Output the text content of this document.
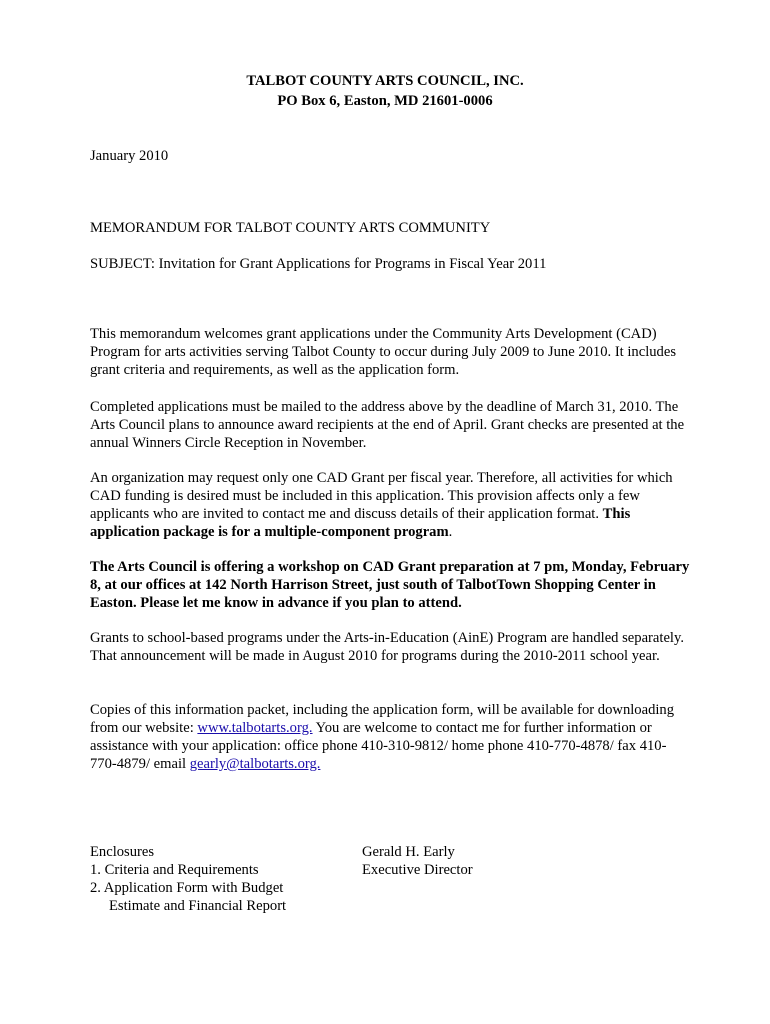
TALBOT COUNTY ARTS COUNCIL, INC.
PO Box 6, Easton, MD 21601-0006
January 2010
MEMORANDUM FOR TALBOT COUNTY ARTS COMMUNITY
SUBJECT: Invitation for Grant Applications for Programs in Fiscal Year 2011

This memorandum welcomes grant applications under the Community Arts Development (CAD) Program for arts activities serving Talbot County to occur during July 2009 to June 2010. It includes grant criteria and requirements, as well as the application form.

Completed applications must be mailed to the address above by the deadline of March 31, 2010. The Arts Council plans to announce award recipients at the end of April. Grant checks are presented at the annual Winners Circle Reception in November.

An organization may request only one CAD Grant per fiscal year. Therefore, all activities for which CAD funding is desired must be included in this application. This provision affects only a few applicants who are invited to contact me and discuss details of their application format. This application package is for a multiple-component program.

The Arts Council is offering a workshop on CAD Grant preparation at 7 pm, Monday, February 8, at our offices at 142 North Harrison Street, just south of TalbotTown Shopping Center in Easton. Please let me know in advance if you plan to attend.

Grants to school-based programs under the Arts-in-Education (AinE) Program are handled separately. That announcement will be made in August 2010 for programs during the 2010-2011 school year.

Copies of this information packet, including the application form, will be available for downloading from our website: www.talbotarts.org. You are welcome to contact me for further information or assistance with your application: office phone 410-310-9812/ home phone 410-770-4878/ fax 410-770-4879/ email gearly@talbotarts.org.

Enclosures
1. Criteria and Requirements
2. Application Form with Budget
Estimate and Financial Report
Gerald H. Early
Executive Director
